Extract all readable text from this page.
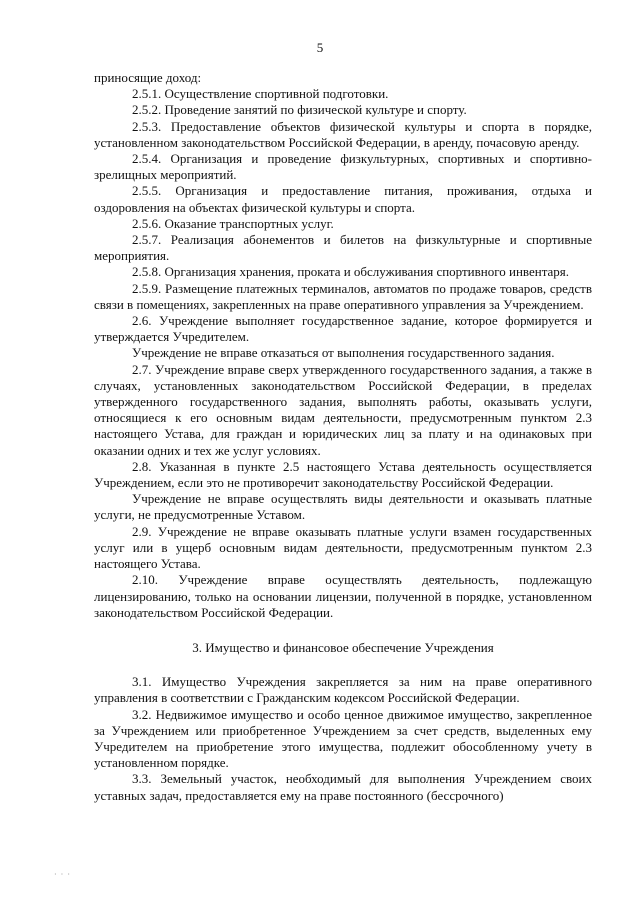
5

приносящие доход:

2.5.1. Осуществление спортивной подготовки.

2.5.2. Проведение занятий по физической культуре и спорту.

2.5.3. Предоставление объектов физической культуры и спорта в порядке, установленном законодательством Российской Федерации, в аренду, почасовую аренду.

2.5.4. Организация и проведение физкультурных, спортивных и спортивно-зрелищных мероприятий.

2.5.5. Организация и предоставление питания, проживания, отдыха и оздоровления на объектах физической культуры и спорта.

2.5.6. Оказание транспортных услуг.

2.5.7. Реализация абонементов и билетов на физкультурные и спортивные мероприятия.

2.5.8. Организация хранения, проката и обслуживания спортивного инвентаря.

2.5.9. Размещение платежных терминалов, автоматов по продаже товаров, средств связи в помещениях, закрепленных на праве оперативного управления за Учреждением.

2.6. Учреждение выполняет государственное задание, которое формируется и утверждается Учредителем.

Учреждение не вправе отказаться от выполнения государственного задания.

2.7. Учреждение вправе сверх утвержденного государственного задания, а также в случаях, установленных законодательством Российской Федерации, в пределах утвержденного государственного задания, выполнять работы, оказывать услуги, относящиеся к его основным видам деятельности, предусмотренным пунктом 2.3 настоящего Устава, для граждан и юридических лиц за плату и на одинаковых при оказании одних и тех же услуг условиях.

2.8. Указанная в пункте 2.5 настоящего Устава деятельность осуществляется Учреждением, если это не противоречит законодательству Российской Федерации.

Учреждение не вправе осуществлять виды деятельности и оказывать платные услуги, не предусмотренные Уставом.

2.9. Учреждение не вправе оказывать платные услуги взамен государственных услуг или в ущерб основным видам деятельности, предусмотренным пунктом 2.3 настоящего Устава.

2.10. Учреждение вправе осуществлять деятельность, подлежащую лицензированию, только на основании лицензии, полученной в порядке, установленном законодательством Российской Федерации.

3. Имущество и финансовое обеспечение Учреждения

3.1. Имущество Учреждения закрепляется за ним на праве оперативного управления в соответствии с Гражданским кодексом Российской Федерации.

3.2. Недвижимое имущество и особо ценное движимое имущество, закрепленное за Учреждением или приобретенное Учреждением за счет средств, выделенных ему Учредителем на приобретение этого имущества, подлежит обособленному учету в установленном порядке.

3.3. Земельный участок, необходимый для выполнения Учреждением своих уставных задач, предоставляется ему на праве постоянного (бессрочного)

· · ·
